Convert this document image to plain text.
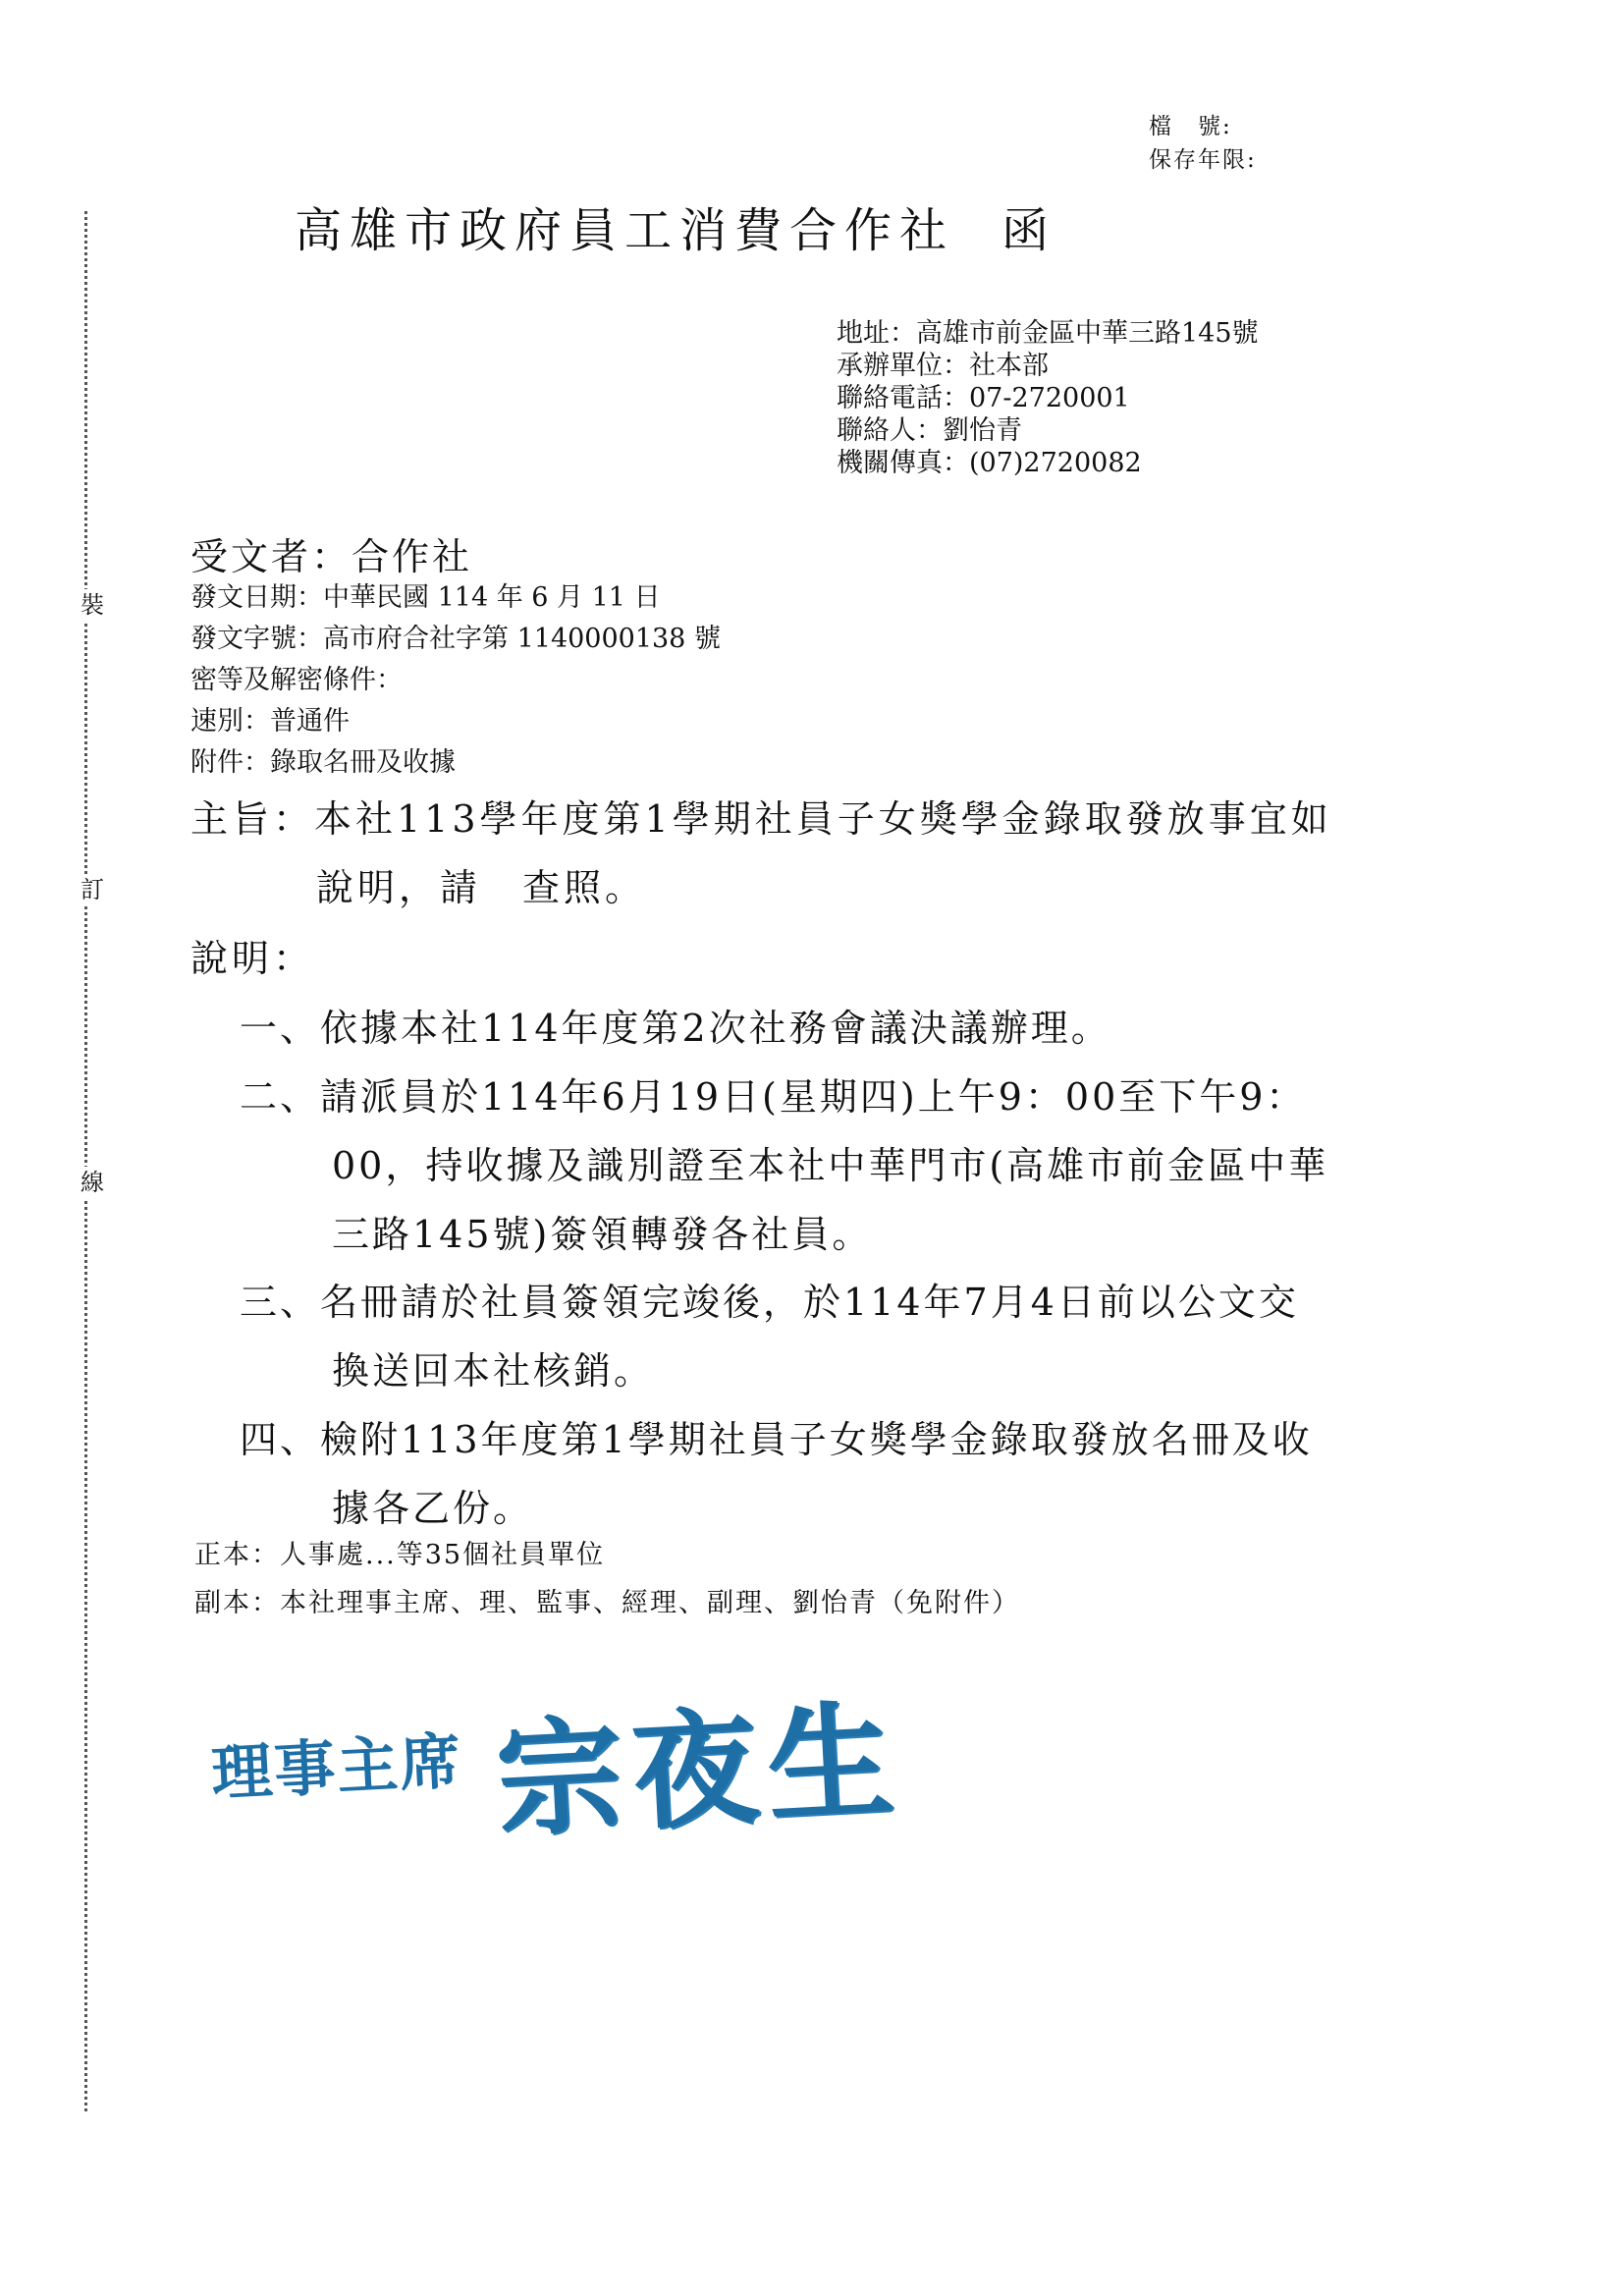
裝
訂
線
檔　號:
保存年限:
高雄市政府員工消費合作社 函
地址：高雄市前金區中華三路145號
承辦單位：社本部
聯絡電話：07-2720001
聯絡人：劉怡青
機關傳真：(07)2720082
受文者：合作社
發文日期：中華民國 114 年 6 月 11 日
發文字號：高市府合社字第 1140000138 號
密等及解密條件：
速別：普通件
附件：錄取名冊及收據
主旨：本社113學年度第1學期社員子女獎學金錄取發放事宜如
說明，請　查照。
說明：
一、依據本社114年度第2次社務會議決議辦理。
二、請派員於114年6月19日(星期四)上午9：00至下午9：
00，持收據及識別證至本社中華門市(高雄市前金區中華
三路145號)簽領轉發各社員。
三、名冊請於社員簽領完竣後，於114年7月4日前以公文交
換送回本社核銷。
四、檢附113年度第1學期社員子女獎學金錄取發放名冊及收
據各乙份。
正本：人事處...等35個社員單位
副本：本社理事主席、理、監事、經理、副理、劉怡青（免附件）
理事主席 宗夜生
